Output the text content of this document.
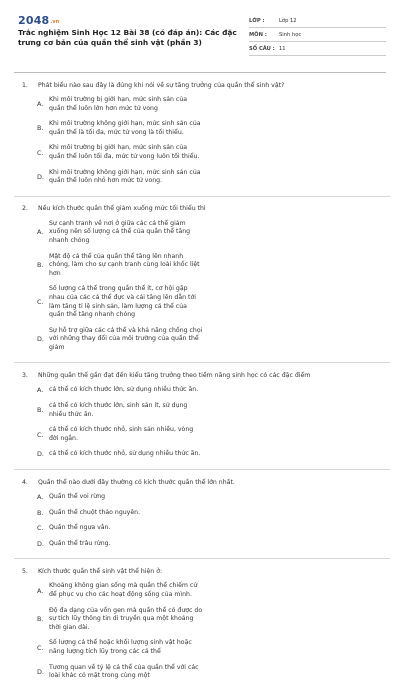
2048.vn
Trắc nghiệm Sinh Học 12 Bài 38 (có đáp án): Các đặc trưng cơ bản của quần thể sinh vật (phần 3)
LỚP :	Lớp 12
MÔN :	Sinh học
SỐ CÂU : 11
1.	Phát biểu nào sau đây là đúng khi nói về sự tăng trưởng của quần thể sinh vật?
A.
Khi môi trường bị giới hạn, mức sinh sản của quần thể luôn lớn hơn mức tử vong
B.
Khi môi trường không giới hạn, mức sinh sản của quần thể là tối đa, mức tử vong là tối thiểu.
C.
Khi môi trường bị giới hạn, mức sinh sản của quần thể luôn tối đa, mức tử vong luôn tối thiểu.
D.
Khi môi trường không giới hạn, mức sinh sản của quần thể luôn nhỏ hơn mức tử vong.
2.	Nếu kích thước quần thể giảm xuống mức tối thiểu thì
A.
Sự cạnh tranh về nơi ở giữa các cá thể giảm xuống nên số lượng cá thể của quần thể tăng nhanh chóng
B.
Mật độ cá thể của quần thể tăng lên nhanh chóng, làm cho sự cạnh tranh cùng loài khốc liệt hơn
C.
Số lượng cá thể trong quần thể ít, cơ hội gặp nhau của các cá thể đực và cái tăng lên dẫn tới làm tăng tỉ lệ sinh sản, làm lượng cá thể của quần thể tăng nhanh chóng
D.
Sự hỗ trợ giữa các cá thể và khả năng chống chọi với những thay đổi của môi trường của quần thể giảm
3.	Những quần thể gần đạt đến kiểu tăng trưởng theo tiềm năng sinh học có các đặc điểm
A. cá thể có kích thước lớn, sử dụng nhiều thức ăn.
B.
cá thể có kích thước lớn, sinh sản ít, sử dụng nhiều thức ăn.
C.
cá thể có kích thước nhỏ, sinh sản nhiều, vòng đời ngắn.
D. cá thể có kích thước nhỏ, sử dụng nhiều thức ăn.
4.	Quần thể nào dưới đây thường có kích thước quần thể lớn nhất.
A. Quần thể voi rừng
B. Quần thể chuột thảo nguyên.
C. Quần thể ngựa vằn.
D. Quần thể trâu rừng.
5.	Kích thước quần thể sinh vật thể hiện ở:
A.
Khoảng không gian sống mà quần thể chiếm cứ để phục vụ cho các hoạt động sống của mình.
B.
Độ đa dạng của vốn gen mà quần thể có được do sự tích lũy thông tin di truyền qua một khoảng thời gian dài.
C.
Số lượng cá thể hoặc khối lượng sinh vật hoặc năng lượng tích lũy trong các cá thể
D.
Tương quan về tỷ lệ cá thể của quần thể với các loài khác có mặt trong cùng một
